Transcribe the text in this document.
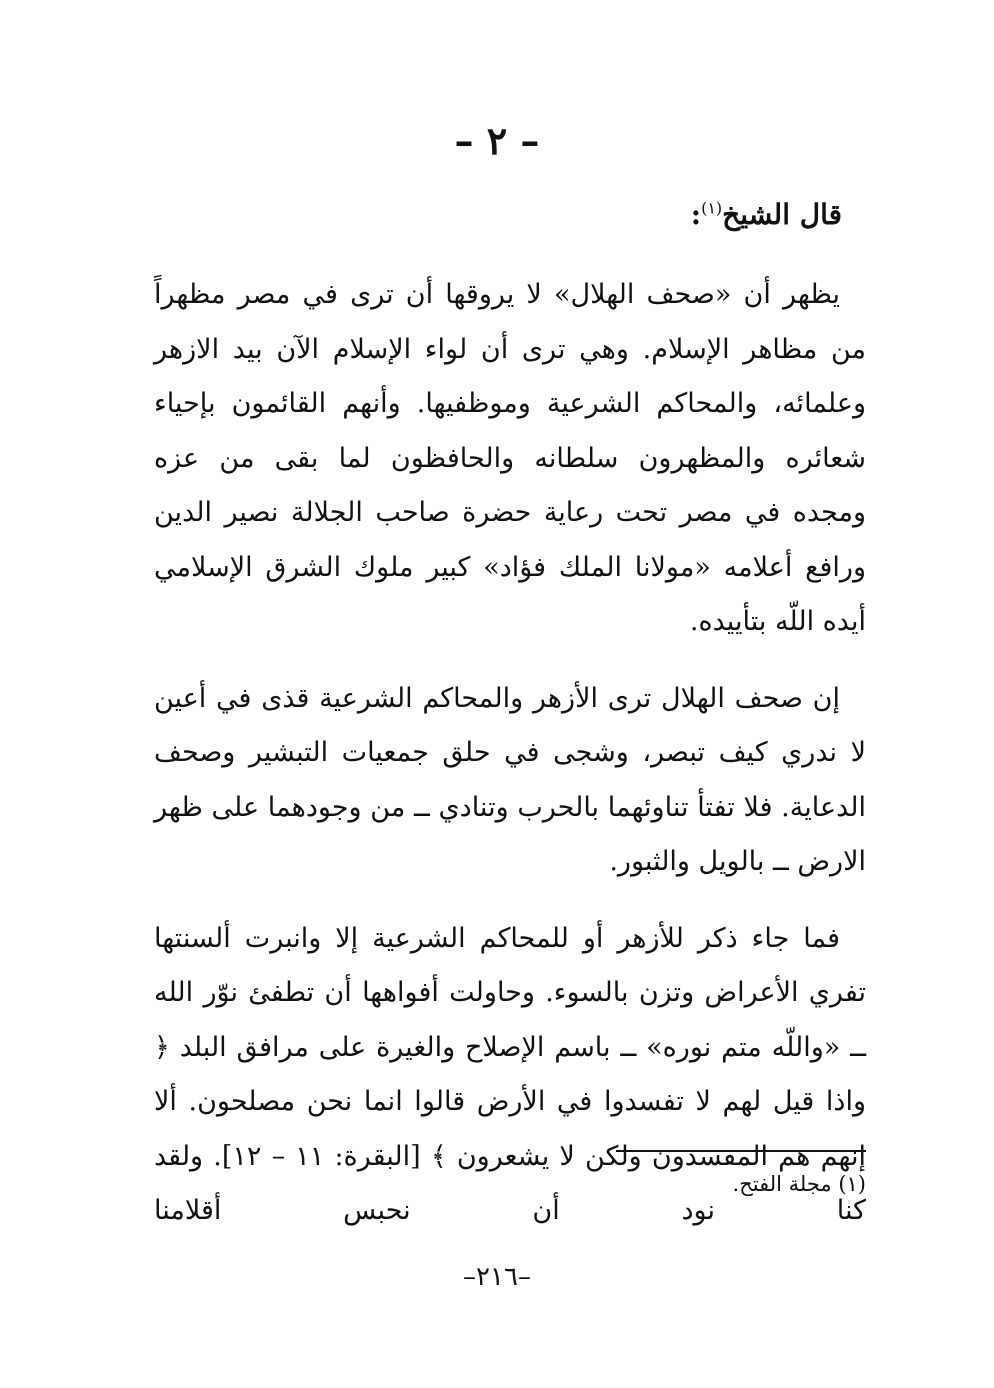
– ٢ –
قال الشيخ$^{(١)}$:

يظهر أن «صحف الهلال» لا يروقها أن ترى في مصر مظهراً من مظاهر الإسلام. وهي ترى أن لواء الإسلام الآن بيد الازهر وعلمائه، والمحاكم الشرعية وموظفيها. وأنهم القائمون بإحياء شعائره والمظهرون سلطانه والحافظون لما بقى من عزه ومجده في مصر تحت رعاية حضرة صاحب الجلالة نصير الدين ورافع أعلامه «مولانا الملك فؤاد» كبير ملوك الشرق الإسلامي أيده اللّه بتأييده.

إن صحف الهلال ترى الأزهر والمحاكم الشرعية قذى في أعين لا ندري كيف تبصر، وشجى في حلق جمعيات التبشير وصحف الدعاية. فلا تفتأ تناوئهما بالحرب وتنادي ــ من وجودهما على ظهر الارض ــ بالويل والثبور.

فما جاء ذكر للأزهر أو للمحاكم الشرعية إلا وانبرت ألسنتها تفري الأعراض وتزن بالسوء. وحاولت أفواهها أن تطفئ نوّر الله ــ «واللّه متم نوره» ــ باسم الإصلاح والغيرة على مرافق البلد ﴿ واذا قيل لهم لا تفسدوا في الأرض قالوا انما نحن مصلحون. ألا إنهم هم المفسدون ولكن لا يشعرون ﴾ [البقرة: ١١ – ١٢]. ولقد كنا نود أن نحبس أقلامنا

(١) مجلة الفتح.
–٢١٦–
